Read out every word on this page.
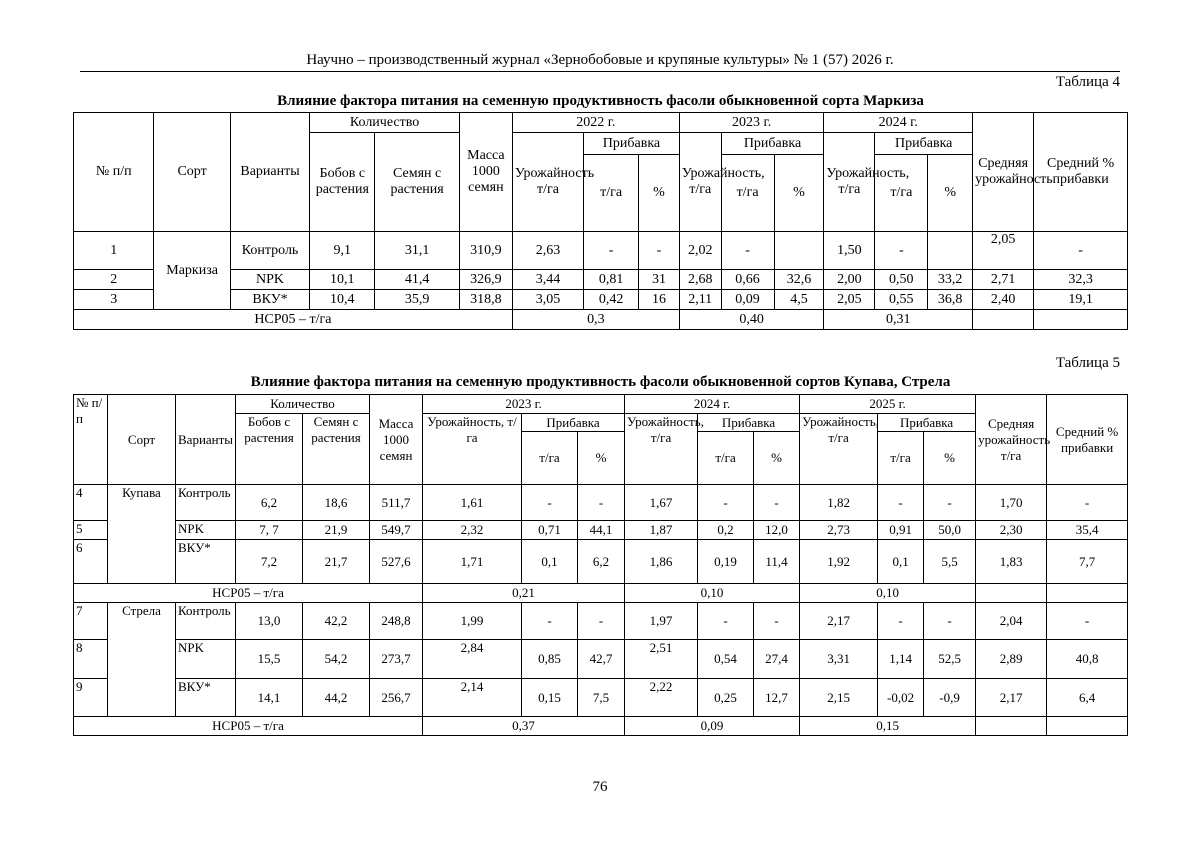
Научно – производственный журнал «Зернобобовые и крупяные культуры» № 1 (57) 2026 г.
Таблица 4
Влияние фактора питания на семенную продуктивность фасоли обыкновенной сорта Маркиза
№ п/п	Сорт	Варианты	Количество		Масса 1000 семян	2022 г.			2023 г.			2024 г.			Средняя урожайность	Средний % прибавки
			Бобов с растения	Семян с растения		Урожайность т/га	Прибавка		Урожайность, т/га	Прибавка		Урожайность, т/га	Прибавка			
							т/га	%		т/га	%		т/га	%		
1	Маркиза	Контроль	9,1	31,1	310,9	2,63	-	-	2,02	-		1,50	-		2,05	-
2		NPK	10,1	41,4	326,9	3,44	0,81	31	2,68	0,66	32,6	2,00	0,50	33,2	2,71	32,3
3		ВКУ*	10,4	35,9	318,8	3,05	0,42	16	2,11	0,09	4,5	2,05	0,55	36,8	2,40	19,1
НСР05 – т/га						0,3			0,40			0,31				
Таблица 5
Влияние фактора питания на семенную продуктивность фасоли обыкновенной сортов Купава, Стрела
№ п/п	Сорт	Варианты	Количество		Масса 1000 семян	2023 г.			2024 г.			2025 г.			Средняя урожайность т/га	Средний % прибавки
			Бобов с растения	Семян с растения		Урожайность, т/га	Прибавка		Урожайность, т/га	Прибавка		Урожайность, т/га	Прибавка			
							т/га	%		т/га	%		т/га	%		
4	Купава	Контроль	6,2	18,6	511,7	1,61	-	-	1,67	-	-	1,82	-	-	1,70	-
5		NPK	7, 7	21,9	549,7	2,32	0,71	44,1	1,87	0,2	12,0	2,73	0,91	50,0	2,30	35,4
6		ВКУ*	7,2	21,7	527,6	1,71	0,1	6,2	1,86	0,19	11,4	1,92	0,1	5,5	1,83	7,7
НСР05 – т/га						0,21			0,10			0,10				
7	Стрела	Контроль	13,0	42,2	248,8	1,99	-	-	1,97	-	-	2,17	-	-	2,04	-
8		NPK	15,5	54,2	273,7	2,84	0,85	42,7	2,51	0,54	27,4	3,31	1,14	52,5	2,89	40,8
9		ВКУ*	14,1	44,2	256,7	2,14	0,15	7,5	2,22	0,25	12,7	2,15	-0,02	-0,9	2,17	6,4
НСР05 – т/га						0,37			0,09			0,15				
76
